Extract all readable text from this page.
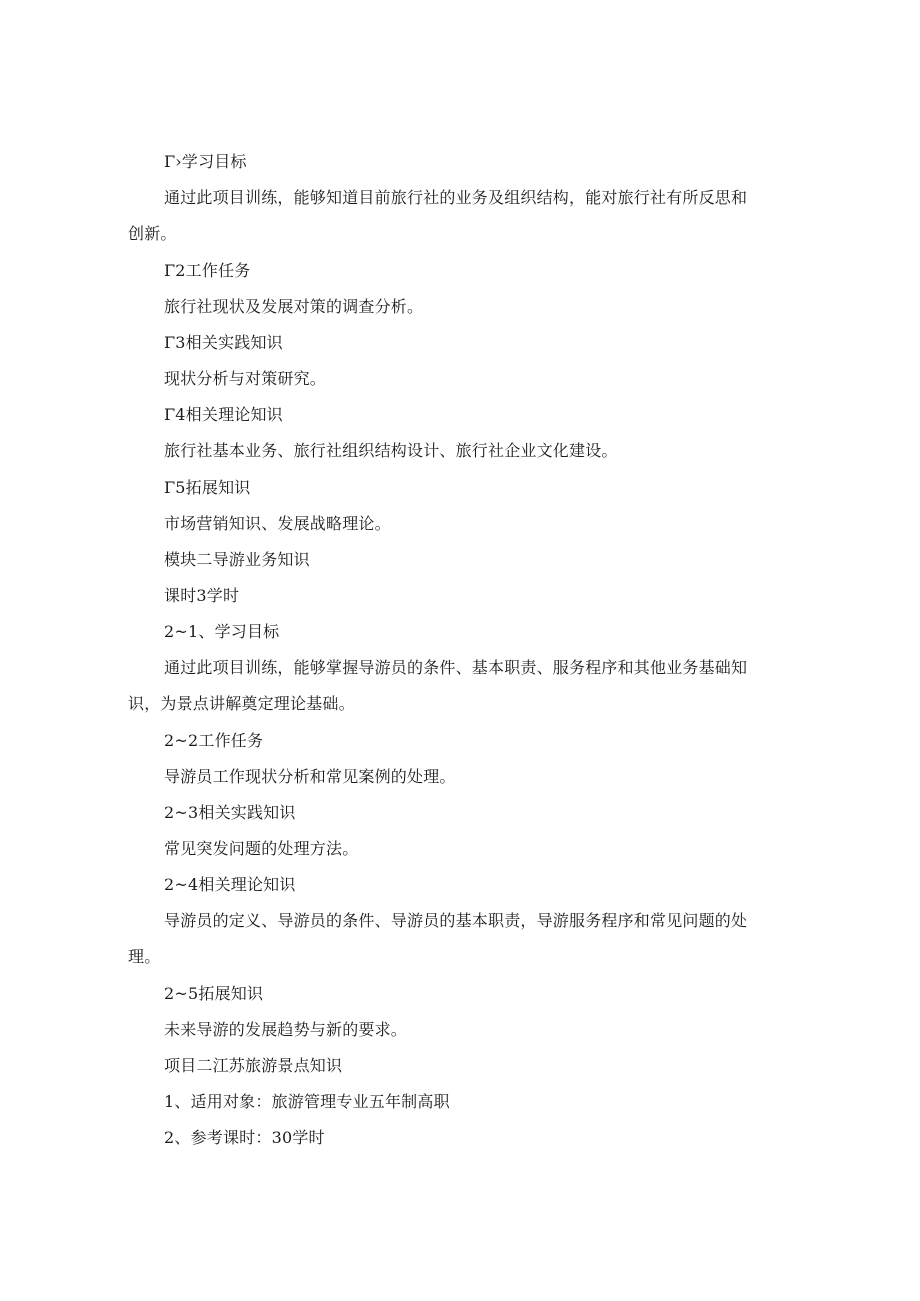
Γ›学习目标
通过此项目训练，能够知道目前旅行社的业务及组织结构，能对旅行社有所反思和
创新。
Γ2工作任务
旅行社现状及发展对策的调查分析。
Γ3相关实践知识
现状分析与对策研究。
Γ4相关理论知识
旅行社基本业务、旅行社组织结构设计、旅行社企业文化建设。
Γ5拓展知识
市场营销知识、发展战略理论。
模块二导游业务知识
课时3学时
2~1、学习目标
通过此项目训练，能够掌握导游员的条件、基本职责、服务程序和其他业务基础知
识，为景点讲解奠定理论基础。
2~2工作任务
导游员工作现状分析和常见案例的处理。
2~3相关实践知识
常见突发问题的处理方法。
2~4相关理论知识
导游员的定义、导游员的条件、导游员的基本职责，导游服务程序和常见问题的处
理。
2~5拓展知识
未来导游的发展趋势与新的要求。
项目二江苏旅游景点知识
1、适用对象：旅游管理专业五年制高职
2、参考课时：30学时
